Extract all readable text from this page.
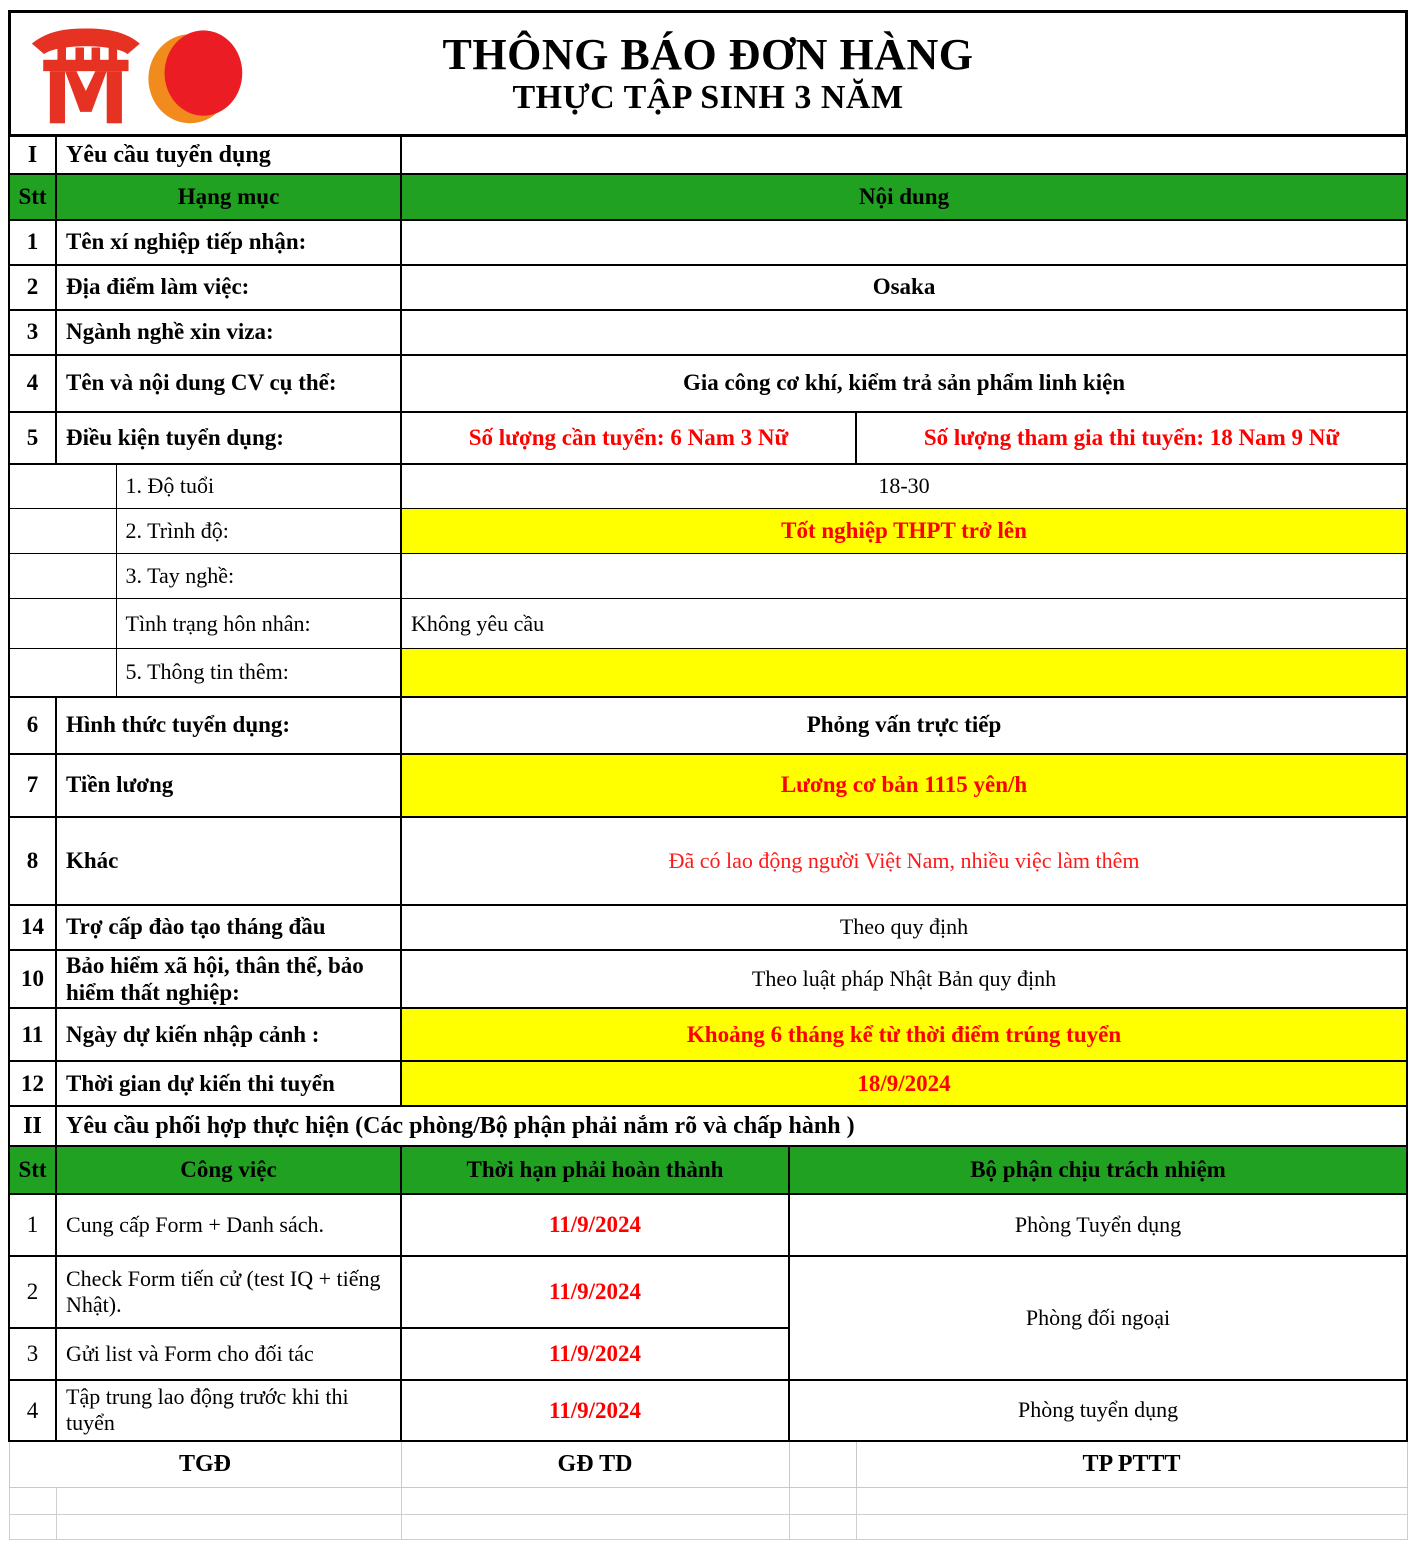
THÔNG BÁO ĐƠN HÀNG
THỰC TẬP SINH 3 NĂM
I	Yêu cầu tuyển dụng				
Stt	Hạng mục		Nội dung		
1	Tên xí nghiệp tiếp nhận:				
2	Địa điểm làm việc:		Osaka		
3	Ngành nghề xin viza:				
4	Tên và nội dung CV cụ thể:		Gia công cơ khí, kiểm trả sản phẩm linh kiện		
5	Điều kiện tuyển dụng:		Số lượng cần tuyển: 6 Nam 3 Nữ		Số lượng tham gia thi tuyển: 18 Nam 9 Nữ
		1. Độ tuổi	18-30		
		2. Trình độ:	Tốt nghiệp THPT trở lên		
		3. Tay nghề:			
		Tình trạng hôn nhân:	Không yêu cầu		
		5. Thông tin thêm:			
6	Hình thức tuyển dụng:		Phỏng vấn trực tiếp		
7	Tiền lương		Lương cơ bản 1115 yên/h		
8	Khác		Đã có lao động người Việt Nam, nhiều việc làm thêm		
14	Trợ cấp đào tạo tháng đầu		Theo quy định		
10	Bảo hiểm xã hội, thân thể, bảo hiểm thất nghiệp:		Theo luật pháp Nhật Bản quy định		
11	Ngày dự kiến nhập cảnh :		Khoảng 6 tháng kể từ thời điểm trúng tuyển		
12	Thời gian dự kiến thi tuyển		18/9/2024		
II	Yêu cầu phối hợp thực hiện (Các phòng/Bộ phận phải nắm rõ và chấp hành )				
Stt	Công việc		Thời hạn phải hoàn thành	Bộ phận chịu trách nhiệm	
1	Cung cấp Form + Danh sách.		11/9/2024	Phòng Tuyển dụng	
2	Check Form tiến cử (test IQ + tiếng Nhật).		11/9/2024	Phòng đối ngoại	
3	Gửi list và Form cho đối tác		11/9/2024		
4	Tập trung lao động trước khi thi tuyển		11/9/2024	Phòng tuyển dụng	
TGĐ			GĐ TD		TP PTTT
